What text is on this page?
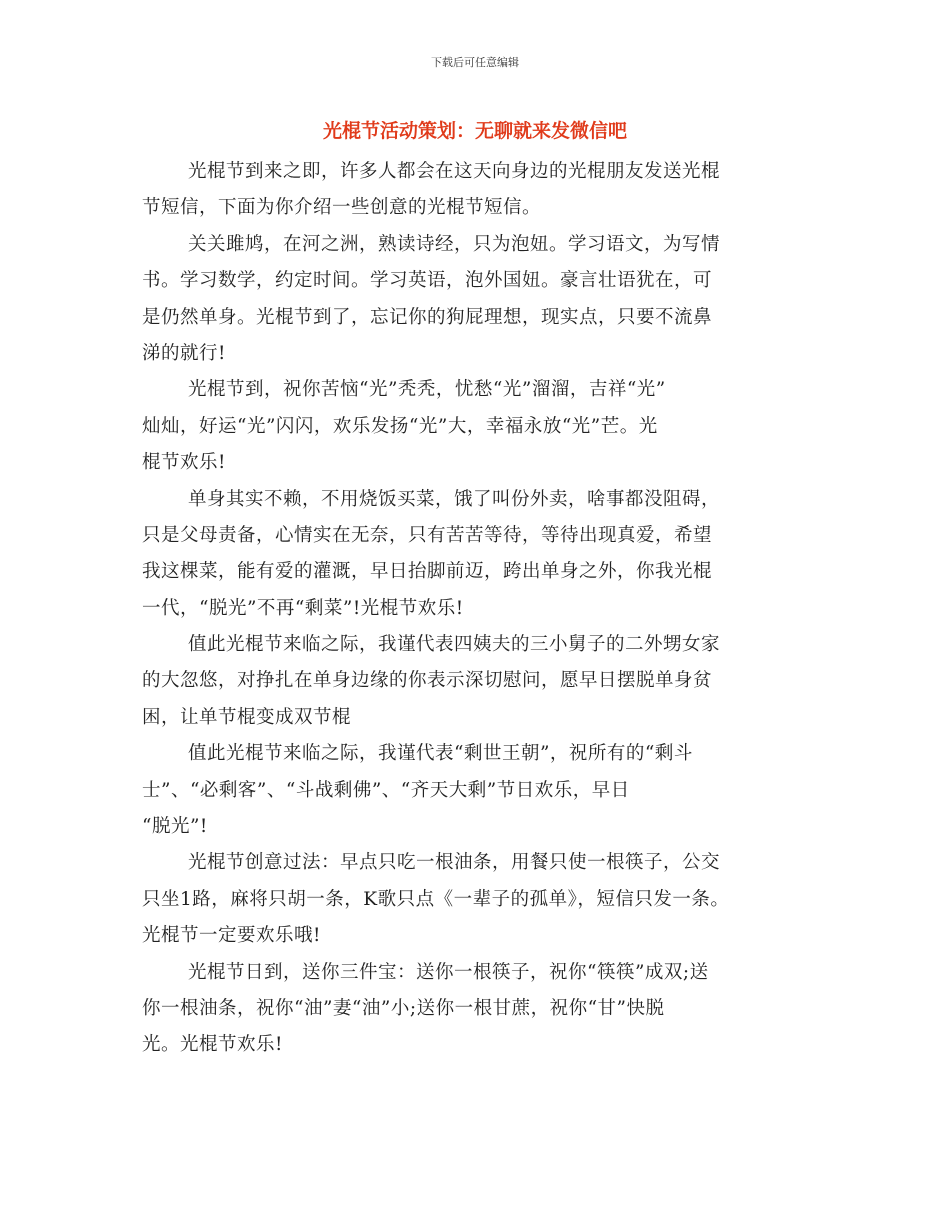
下载后可任意编辑
光棍节活动策划：无聊就来发微信吧
光棍节到来之即，许多人都会在这天向身边的光棍朋友发送光棍
节短信，下面为你介绍一些创意的光棍节短信。
关关雎鸠，在河之洲，熟读诗经，只为泡妞。学习语文，为写情
书。学习数学，约定时间。学习英语，泡外国妞。豪言壮语犹在，可
是仍然单身。光棍节到了，忘记你的狗屁理想，现实点，只要不流鼻
涕的就行!
光棍节到，祝你苦恼“光”秃秃，忧愁“光”溜溜，吉祥“光”
灿灿，好运“光”闪闪，欢乐发扬“光”大，幸福永放“光”芒。光
棍节欢乐!
单身其实不赖，不用烧饭买菜，饿了叫份外卖，啥事都没阻碍，
只是父母责备，心情实在无奈，只有苦苦等待，等待出现真爱，希望
我这棵菜，能有爱的灌溉，早日抬脚前迈，跨出单身之外，你我光棍
一代，“脱光”不再“剩菜”!光棍节欢乐!
值此光棍节来临之际，我谨代表四姨夫的三小舅子的二外甥女家
的大忽悠，对挣扎在单身边缘的你表示深切慰问，愿早日摆脱单身贫
困，让单节棍变成双节棍
值此光棍节来临之际，我谨代表“剩世王朝”，祝所有的“剩斗
士”、“必剩客”、“斗战剩佛”、“齐天大剩”节日欢乐，早日
“脱光”!
光棍节创意过法：早点只吃一根油条，用餐只使一根筷子，公交
只坐1路，麻将只胡一条，K歌只点《一辈子的孤单》，短信只发一条。
光棍节一定要欢乐哦!
光棍节日到，送你三件宝：送你一根筷子，祝你“筷筷”成双;送
你一根油条，祝你“油”妻“油”小;送你一根甘蔗，祝你“甘”快脱
光。光棍节欢乐!
